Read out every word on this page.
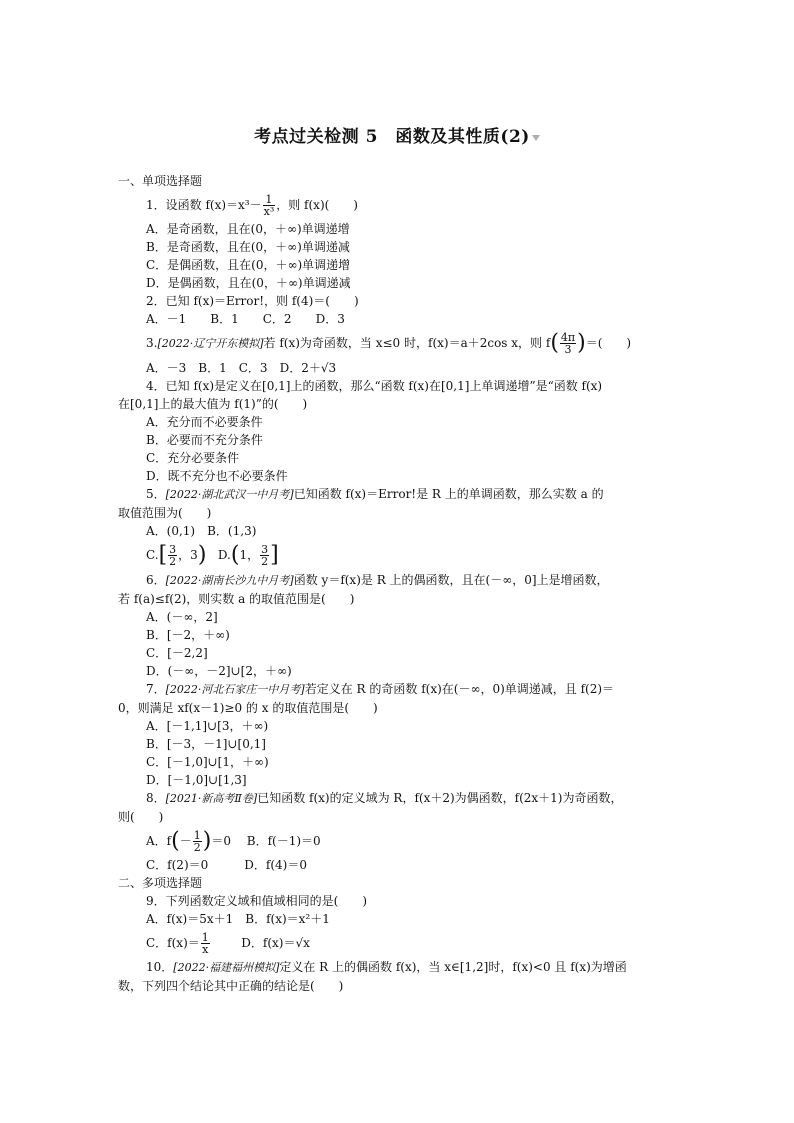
考点过关检测 5　函数及其性质(2)
一、单项选择题
1．设函数 $f(x)=x^3- \frac{1}{\text{x³}}$ ，则 f(x)(　　)
A．是奇函数，且在(0，＋∞)单调递增
B．是奇函数，且在(0，＋∞)单调递减
C．是偶函数，且在(0，＋∞)单调递增
D．是偶函数，且在(0，＋∞)单调递减
2．已知 f(x)＝Error!，则 f(4)＝(　　)
A．－1　　B．1　　C．2　　D．3
3.[2022·辽宁开东模拟]若 f(x)为奇函数，当 x≤0 时，f(x)＝a＋2cos x，则 $f( \frac{4\pi}{3}$ )＝(　　)
A．－3　B．1　C．3　D．2＋√3
4．已知 f(x)是定义在[0,1]上的函数，那么“函数 f(x)在[0,1]上单调递增”是“函数 f(x)
在[0,1]上的最大值为 f(1)”的(　　)
A．充分而不必要条件
B．必要而不充分条件
C．充分必要条件
D．既不充分也不必要条件
5．[2022·湖北武汉一中月考]已知函数 f(x)＝Error!是 R 上的单调函数，那么实数 a 的
取值范围为(　　)
A．(0,1)　B．(1,3)
$C.[ \frac{3}{2}$ ，3) D.(1， $\frac{3}{2}$ ]
6．[2022·湖南长沙九中月考]函数 y＝f(x)是 R 上的偶函数，且在(－∞，0]上是增函数，
若 f(a)≤f(2)，则实数 a 的取值范围是(　　)
A．(－∞，2]
B．[－2，＋∞)
C．[－2,2]
D．(－∞，－2]∪[2，＋∞)
7．[2022·河北石家庄一中月考]若定义在 R 的奇函数 f(x)在(－∞，0)单调递减，且 f(2)＝
0，则满足 xf(x－1)≥0 的 x 的取值范围是(　　)
A．[－1,1]∪[3，＋∞)
B．[－3，－1]∪[0,1]
C．[－1,0]∪[1，＋∞)
D．[－1,0]∪[1,3]
8．[2021·新高考Ⅱ卷]已知函数 f(x)的定义域为 R，f(x＋2)为偶函数，f(2x＋1)为奇函数，
则(　　)
A．$f(- \frac{1}{2} )=0$　 B．f(－1)＝0
C．f(2)＝0　　　D．f(4)＝0
二、多项选择题
9．下列函数定义域和值域相同的是(　　)
A．f(x)＝5x＋1　B．f(x)＝x²＋1
C．$f(x)= \frac{1}{x}$	D．f(x)＝√x
10．[2022·福建福州模拟]定义在 R 上的偶函数 f(x)，当 x∈[1,2]时，f(x)<0 且 f(x)为增函
数，下列四个结论其中正确的结论是(　　)
